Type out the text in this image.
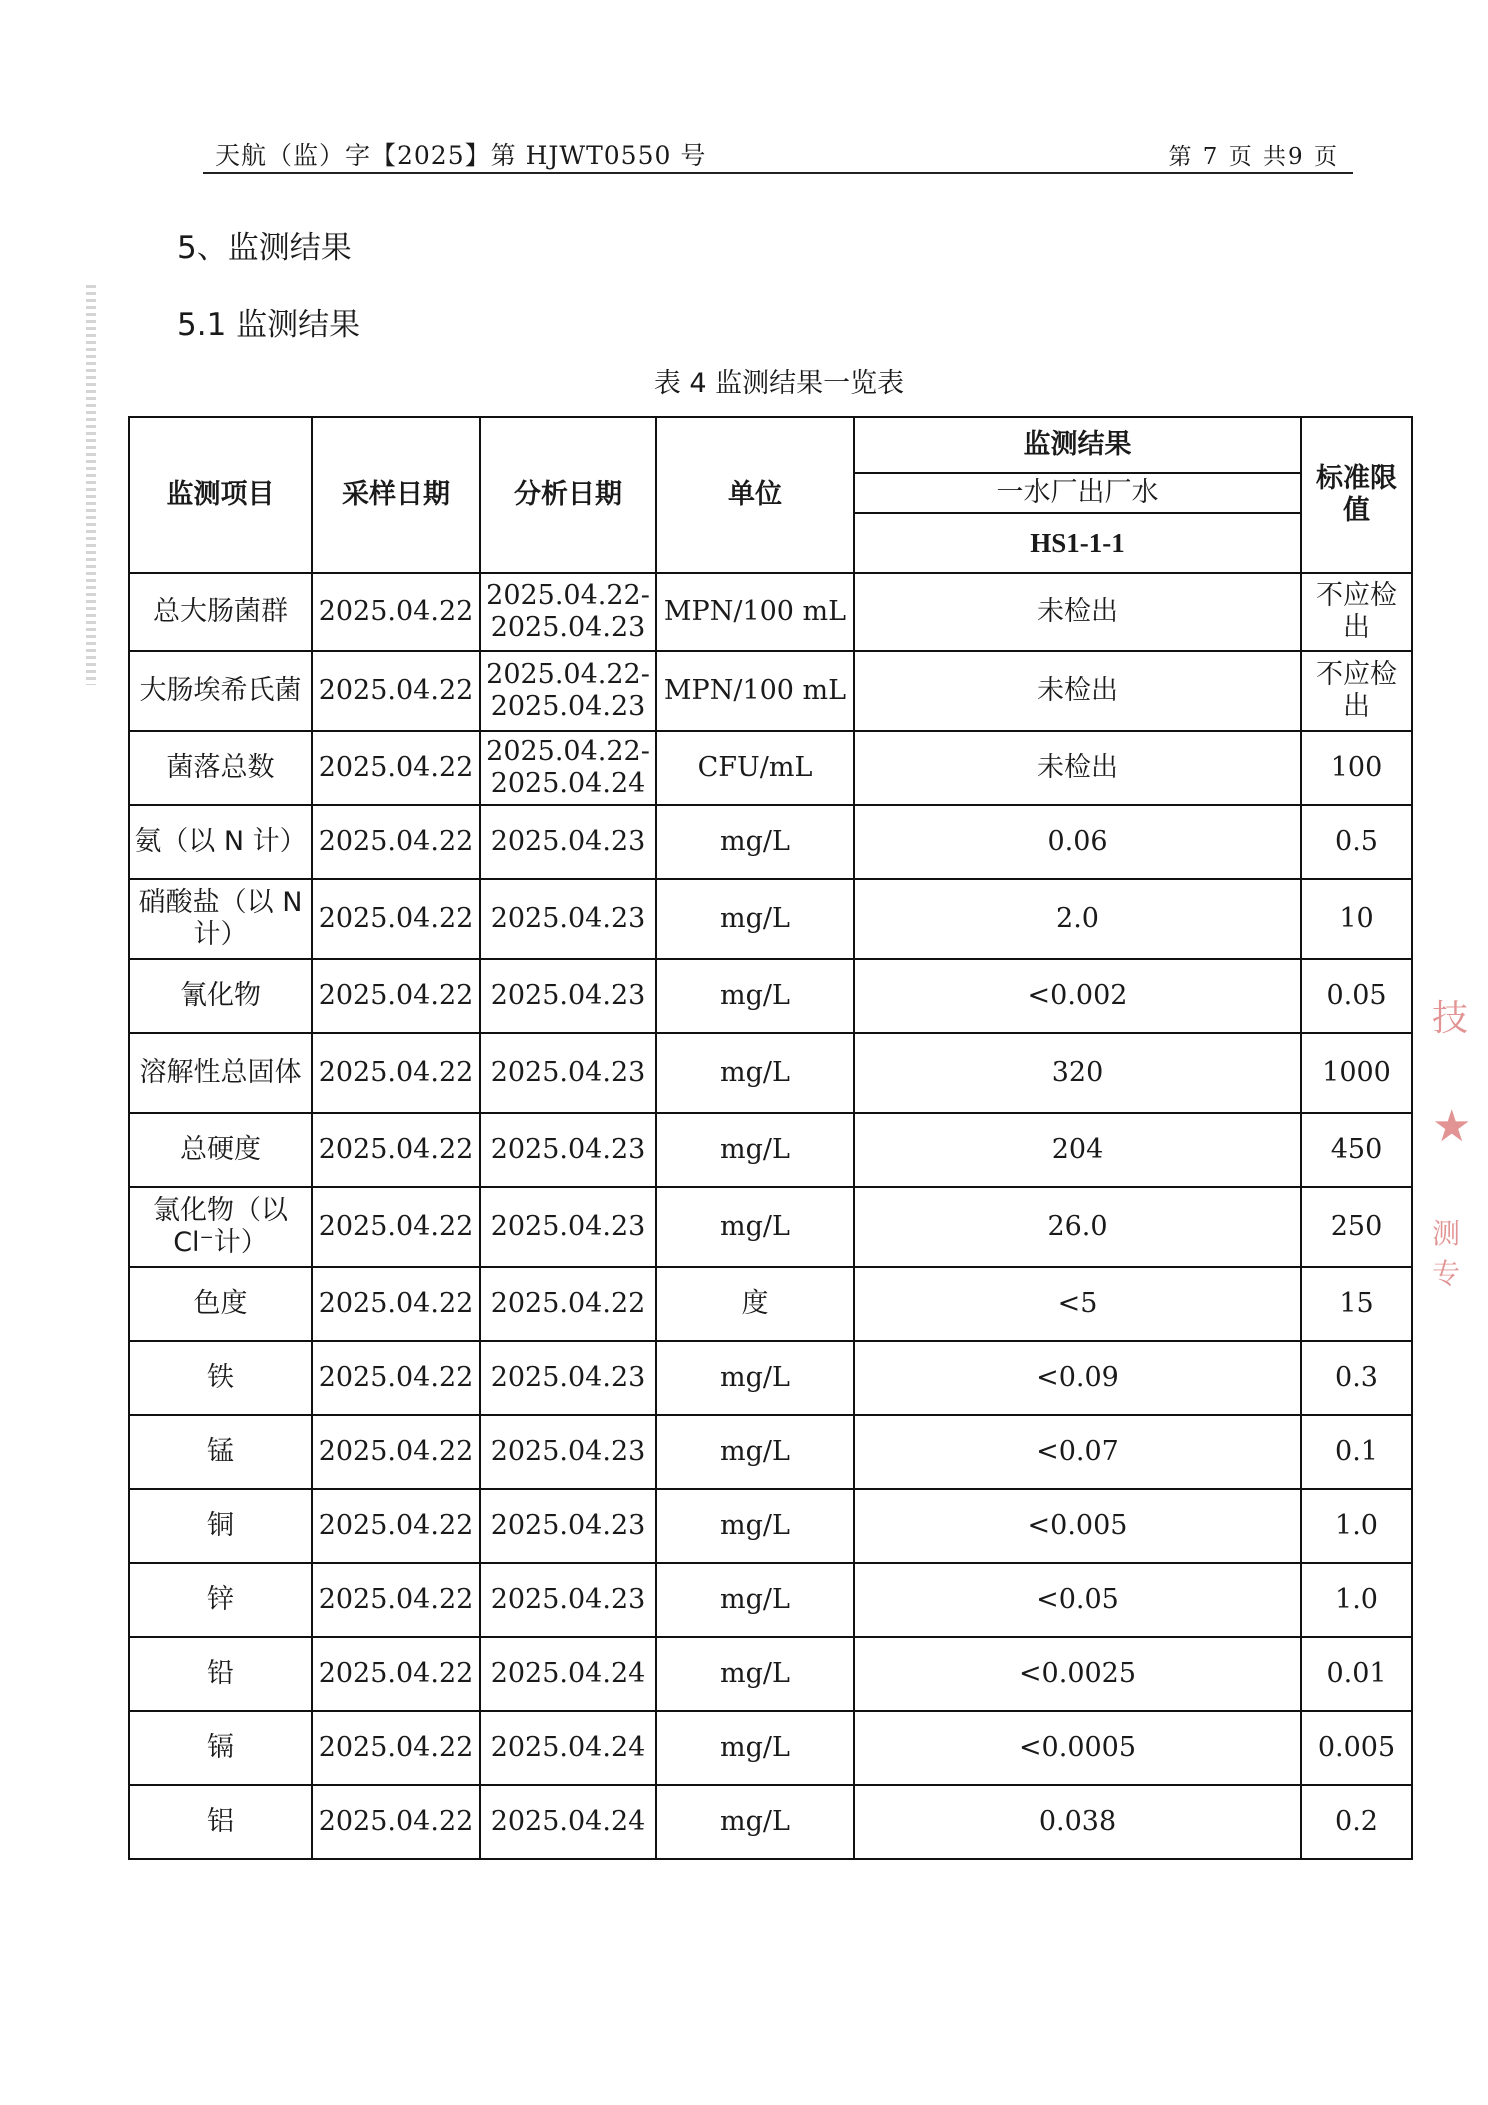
天航（监）字【2025】第 HJWT0550 号	第 7 页 共9 页
5、监测结果
5.1 监测结果
表 4 监测结果一览表
监测项目	采样日期	分析日期	单位	监测结果	标准限值
				一水厂出厂水	
				HS1-1-1	
总大肠菌群	2025.04.22	2025.04.22-2025.04.23	MPN/100 mL	未检出	不应检出
大肠埃希氏菌	2025.04.22	2025.04.22-2025.04.23	MPN/100 mL	未检出	不应检出
菌落总数	2025.04.22	2025.04.22-2025.04.24	CFU/mL	未检出	100
氨（以 N 计）	2025.04.22	2025.04.23	mg/L	0.06	0.5
硝酸盐（以 N 计）	2025.04.22	2025.04.23	mg/L	2.0	10
氰化物	2025.04.22	2025.04.23	mg/L	<0.002	0.05
溶解性总固体	2025.04.22	2025.04.23	mg/L	320	1000
总硬度	2025.04.22	2025.04.23	mg/L	204	450
氯化物（以 Cl⁻计）	2025.04.22	2025.04.23	mg/L	26.0	250
色度	2025.04.22	2025.04.22	度	<5	15
铁	2025.04.22	2025.04.23	mg/L	<0.09	0.3
锰	2025.04.22	2025.04.23	mg/L	<0.07	0.1
铜	2025.04.22	2025.04.23	mg/L	<0.005	1.0
锌	2025.04.22	2025.04.23	mg/L	<0.05	1.0
铅	2025.04.22	2025.04.24	mg/L	<0.0025	0.01
镉	2025.04.22	2025.04.24	mg/L	<0.0005	0.005
铝	2025.04.22	2025.04.24	mg/L	0.038	0.2
技
★
测专
